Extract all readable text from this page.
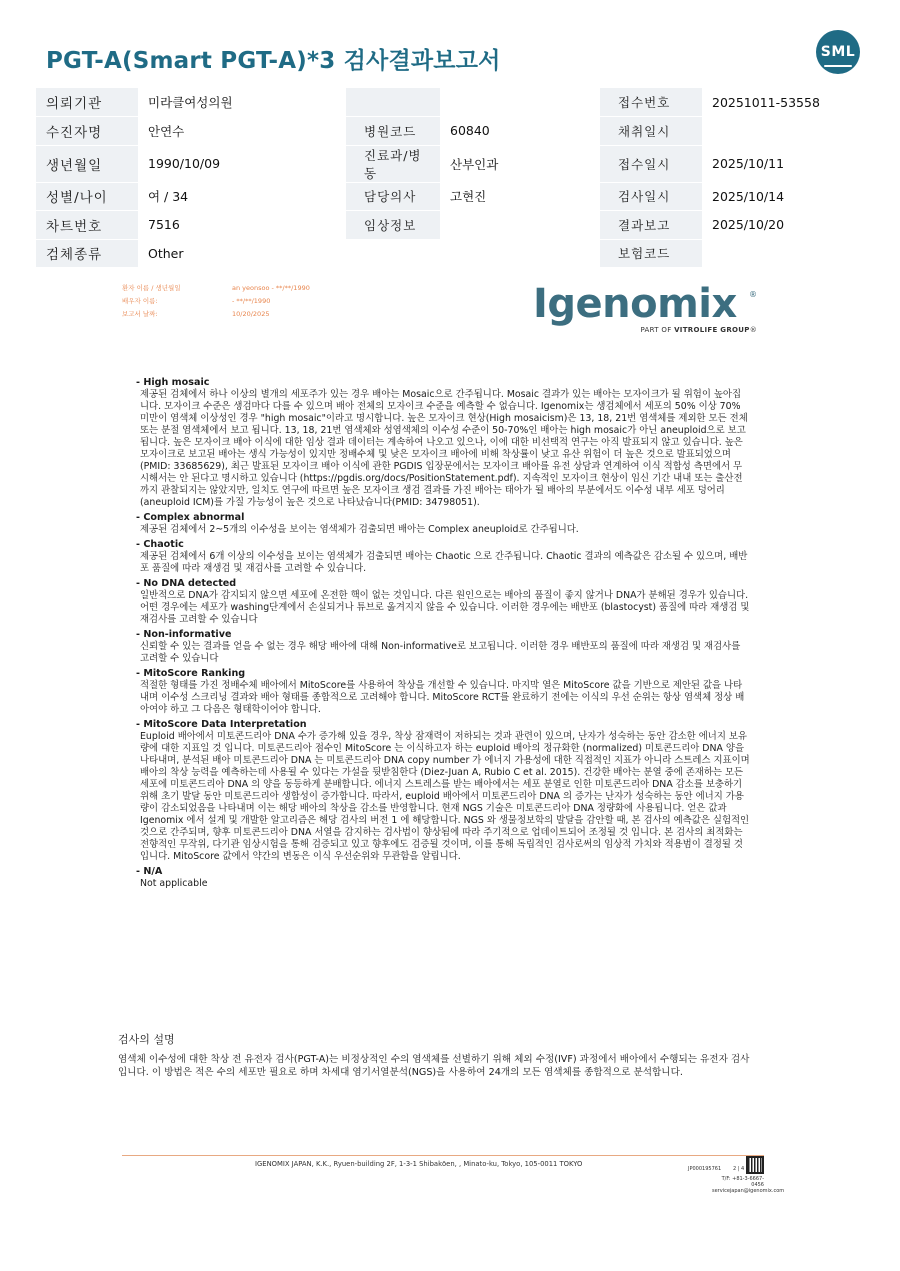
PGT-A(Smart PGT-A)*3 검사결과보고서	SML
의뢰기관	미라클여성의원			접수번호	20251011-53558
수진자명	안연수	병원코드	60840	채취일시	
생년월일	1990/10/09	진료과/병동	산부인과	접수일시	2025/10/11
성별/나이	여 / 34	담당의사	고현진	검사일시	2025/10/14
차트번호	7516	임상정보		결과보고	2025/10/20
검체종류	Other			보험코드	
환자 이름 / 생년월일	an yeonsoo - **/**/1990
배우자 이름:	- **/**/1990
보고서 날짜:	10/20/2025	Igenomix	®
PART OF VITROLIFE GROUP®
- High mosaic

제공된 검체에서 하나 이상의 별개의 세포주가 있는 경우 배아는 Mosaic으로 간주됩니다. Mosaic 결과가 있는 배아는 모자이크가 될 위험이 높아집니다. 모자이크 수준은 생검마다 다를 수 있으며 배아 전체의 모자이크 수준을 예측할 수 없습니다. Igenomix는 생검체에서 세포의 50% 이상 70% 미만이 염색체 이상성인 경우 "high mosaic"이라고 명시합니다. 높은 모자이크 현상(High mosaicism)은 13, 18, 21번 염색체를 제외한 모든 전체 또는 분절 염색체에서 보고 됩니다. 13, 18, 21번 염색체와 성염색체의 이수성 수준이 50-70%인 배아는 high mosaic가 아닌 aneuploid으로 보고됩니다. 높은 모자이크 배아 이식에 대한 임상 결과 데이터는 계속하여 나오고 있으나, 이에 대한 비선택적 연구는 아직 발표되지 않고 있습니다. 높은 모자이크로 보고된 배아는 생식 가능성이 있지만 정배수체 및 낮은 모자이크 배아에 비해 착상률이 낮고 유산 위험이 더 높은 것으로 발표되었으며 (PMID: 33685629), 최근 발표된 모자이크 배아 이식에 관한 PGDIS 입장문에서는 모자이크 배아를 유전 상담과 연계하여 이식 적합성 측면에서 무시해서는 안 된다고 명시하고 있습니다 (https://pgdis.org/docs/PositionStatement.pdf). 지속적인 모자이크 현상이 임신 기간 내내 또는 출산전까지 관찰되지는 않았지만, 일치도 연구에 따르면 높은 모자이크 생검 결과를 가진 배아는 태아가 될 배아의 부분에서도 이수성 내부 세포 덩어리(aneuploid ICM)를 가질 가능성이 높은 것으로 나타났습니다(PMID: 34798051).

- Complex abnormal

제공된 검체에서 2~5개의 이수성을 보이는 염색체가 검출되면 배아는 Complex aneuploid로 간주됩니다.

- Chaotic

제공된 검체에서 6개 이상의 이수성을 보이는 염색체가 검출되면 배아는 Chaotic 으로 간주됩니다. Chaotic 결과의 예측값은 감소될 수 있으며, 배반포 품질에 따라 재생검 및 재검사를 고려할 수 있습니다.

- No DNA detected

일반적으로 DNA가 감지되지 않으면 세포에 온전한 핵이 없는 것입니다. 다른 원인으로는 배아의 품질이 좋지 않거나 DNA가 분해된 경우가 있습니다. 어떤 경우에는 세포가 washing단계에서 손실되거나 튜브로 옮겨지지 않을 수 있습니다. 이러한 경우에는 배반포 (blastocyst) 품질에 따라 재생검 및 재검사를 고려할 수 있습니다

- Non-informative

신뢰할 수 있는 결과를 얻을 수 없는 경우 해당 배아에 대해 Non-informative로 보고됩니다. 이러한 경우 배반포의 품질에 따라 재생검 및 재검사를 고려할 수 있습니다

- MitoScore Ranking

적절한 형태를 가진 정배수체 배아에서 MitoScore를 사용하여 착상을 개선할 수 있습니다. 마지막 열은 MitoScore 값을 기반으로 제안된 값을 나타내며 이수성 스크리닝 결과와 배아 형태를 종합적으로 고려해야 합니다. MitoScore RCT를 완료하기 전에는 이식의 우선 순위는 항상 염색체 정상 배아여야 하고 그 다음은 형태학이어야 합니다.

- MitoScore Data Interpretation

Euploid 배아에서 미토콘드리아 DNA 수가 증가해 있을 경우, 착상 잠재력이 저하되는 것과 관련이 있으며, 난자가 성숙하는 동안 감소한 에너지 보유량에 대한 지표일 것 입니다. 미토콘드리아 점수인 MitoScore 는 이식하고자 하는 euploid 배아의 정규화한 (normalized) 미토콘드리아 DNA 양을 나타내며, 분석된 배아 미토콘드리아 DNA 는 미토콘드리아 DNA copy number 가 에너지 가용성에 대한 직접적인 지표가 아니라 스트레스 지표이며 배아의 착상 능력을 예측하는데 사용될 수 있다는 가설을 뒷받침한다 (Diez-Juan A, Rubio C et al. 2015). 건강한 배아는 분열 중에 존재하는 모든 세포에 미토콘드리아 DNA 의 양을 동등하게 분배합니다. 에너지 스트레스를 받는 배아에서는 세포 분열로 인한 미토콘드리아 DNA 감소를 보충하기 위해 초기 발달 동안 미토콘드리아 생합성이 증가합니다. 따라서, euploid 배아에서 미토콘드리아 DNA 의 증가는 난자가 성숙하는 동안 에너지 가용량이 감소되었음을 나타내며 이는 해당 배아의 착상을 감소를 반영합니다. 현재 NGS 기술은 미토콘드리아 DNA 정량화에 사용됩니다. 얻은 값과 Igenomix 에서 설계 및 개발한 알고리즘은 해당 검사의 버전 1 에 해당합니다. NGS 와 생물정보학의 발달을 감안할 때, 본 검사의 예측값은 실험적인 것으로 간주되며, 향후 미토콘드리아 DNA 서열을 감지하는 검사법이 향상됨에 따라 주기적으로 업데이트되어 조정될 것 입니다. 본 검사의 최적화는 전향적인 무작위, 다기관 임상시험을 통해 검증되고 있고 향후에도 검증될 것이며, 이를 통해 독립적인 검사로써의 임상적 가치와 적용범이 결정될 것 입니다. MitoScore 값에서 약간의 변동은 이식 우선순위와 무관함을 알립니다.

- N/A

Not applicable

검사의 설명

염색체 이수성에 대한 착상 전 유전자 검사(PGT-A)는 비정상적인 수의 염색체를 선별하기 위해 체외 수정(IVF) 과정에서 배아에서 수행되는 유전자 검사입니다. 이 방법은 적은 수의 세포만 필요로 하며 차세대 염기서열분석(NGS)을 사용하여 24개의 모든 염색체를 종합적으로 분석합니다.

IGENOMIX JAPAN, K.K., Ryuen-building 2F, 1-3-1 Shibakōen, , Minato-ku, Tokyo, 105-0011 TOKYO
JP000195761 2 | 4
T/F: +81-3-6667-0456
servicejapan@igenomix.com
